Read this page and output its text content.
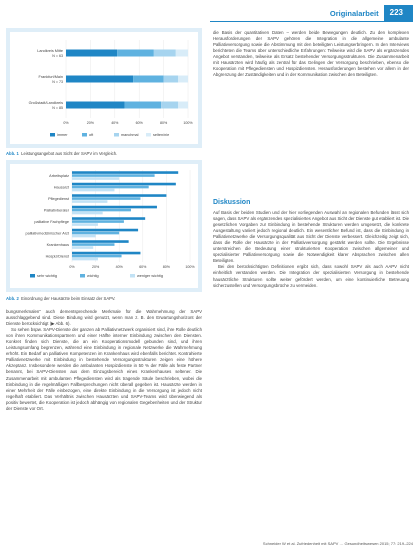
Originalarbeit	223
0%	20%	40%	60%	80%	100%
Landkreis Mitte
N = 63
Frankfurt/Main
N = 73
Großstadt/Landkreis
N = 85
immer	oft	manchmal	selten/nie
Abb. 1 Leistungsangebot aus Sicht der SAPV im Vergleich.
0%	20%	40%	60%	80%	100%
Arbeitsplatz
Hausarzt
Pflegedienst
Palliativberater
palliative Fachpflege
palliativmedizinischer Arzt
Krankenhaus
Hospiz/Dienst
sehr wichtig	wichtig	weniger wichtig
Abb. 2 Einordnung der Hausärzte beim Einsatz der SAPV.

bungsmerkmalen" auch dementsprechende Merkmale für die Wahrnehmung der SAPV ausschlaggebend sind. Diese Bindung wird genutzt, wenn man z. B. den Erwartungshorizont der Dienste berücksichtigt (▶ Abb. 6).

So sehen bspw. SAPV-Dienste der ganzen ab Palliativnetzwerk organisiert sind, ihre Rolle deutlich von ihren Kommunikationspartnern und einer Hälfte interner Einbindung zwischen den Diensten. Konkret finden sich Dienste, die an ein Kooperationsmodell gebunden sind, und ihren Leistungsumfang begrenzen, während eine Einbindung in regionale Netzwerke die Wahrnehmung erhöht. Ein Bedarf an palliativen Kompetenzen im Krankenhaus wird ebenfalls berichtet. Kontrahierte Palliativnetzwerke mit Einbindung in bestehende Versorgungsstrukturen zeigen eine höhere Akzeptanz. Insbesondere werden die ambulanten Hospizdienste in 50 % der Fälle als feste Partner benannt, bei SAPV-Diensten aus dem Einzugsbereich eines Krankenhauses seltener. Die Zusammenarbeit mit ambulanten Pflegediensten wird als tragende Säule beschrieben, wobei die Einbindung in die regelmäßigen Fallbesprechungen nicht überall gegeben ist. Hausärzte werden in einer Mehrheit der Fälle einbezogen, eine direkte Einbindung in die Versorgung ist jedoch nicht regelhaft etabliert. Das Verhältnis zwischen Hausärzten und SAPV-Teams wird überwiegend als positiv bewertet, die Kooperation ist jedoch abhängig von regionalen Gegebenheiten und der Struktur der Dienste vor Ort.

die Basis der quantitativen Daten – werden beide Bewegungen deutlich. Zu den komplexen Herausforderungen der SAPV gehören die Integration in die allgemeine ambulante Palliativversorgung sowie die Abstimmung mit den beteiligten Leistungserbringern. In den Interviews berichteten die Teams über unterschiedliche Erfahrungen: Teilweise wird die SAPV als ergänzendes Angebot verstanden, teilweise als Ersatz bestehender Versorgungsstrukturen. Die Zusammenarbeit mit Hausärzten wird häufig als zentral für das Gelingen der Versorgung beschrieben, ebenso die Kooperation mit Pflegediensten und Hospizdiensten. Herausforderungen bestehen vor allem in der Abgrenzung der Zuständigkeiten und in der Kommunikation zwischen den Beteiligten.

Diskussion

Auf Basis der beiden Studien und der hier vorliegenden Auswahl an regionalen Befunden lässt sich sagen, dass SAPV als ergänzendes spezialisiertes Angebot aus Sicht der Dienste gut etabliert ist. Die gesetzlichen Vorgaben zur Einbindung in bestehende Strukturen werden umgesetzt, die konkrete Ausgestaltung variiert jedoch regional deutlich. Ein wesentlicher Befund ist, dass die Einbindung in Palliativnetzwerke die Versorgungsqualität aus Sicht der Dienste verbessert. Gleichzeitig zeigt sich, dass die Rolle der Hausärzte in der Palliativversorgung gestärkt werden sollte. Die Ergebnisse unterstreichen die Bedeutung einer strukturierten Kooperation zwischen allgemeiner und spezialisierter Palliativversorgung sowie die Notwendigkeit klarer Absprachen zwischen allen Beteiligten.

Bei den berücksichtigten Definitionen ergibt sich, dass sowohl SAPV als auch AAPV nicht einheitlich verstanden werden. Die Integration der spezialisierten Versorgung in bestehende hausärztliche Strukturen sollte weiter gefördert werden, um eine kontinuierliche Betreuung sicherzustellen und Versorgungsbrüche zu vermeiden.

Schneider W et al. Zufriedenheit mit SAPV … Gesundheitswesen 2015; 77: 219–224
